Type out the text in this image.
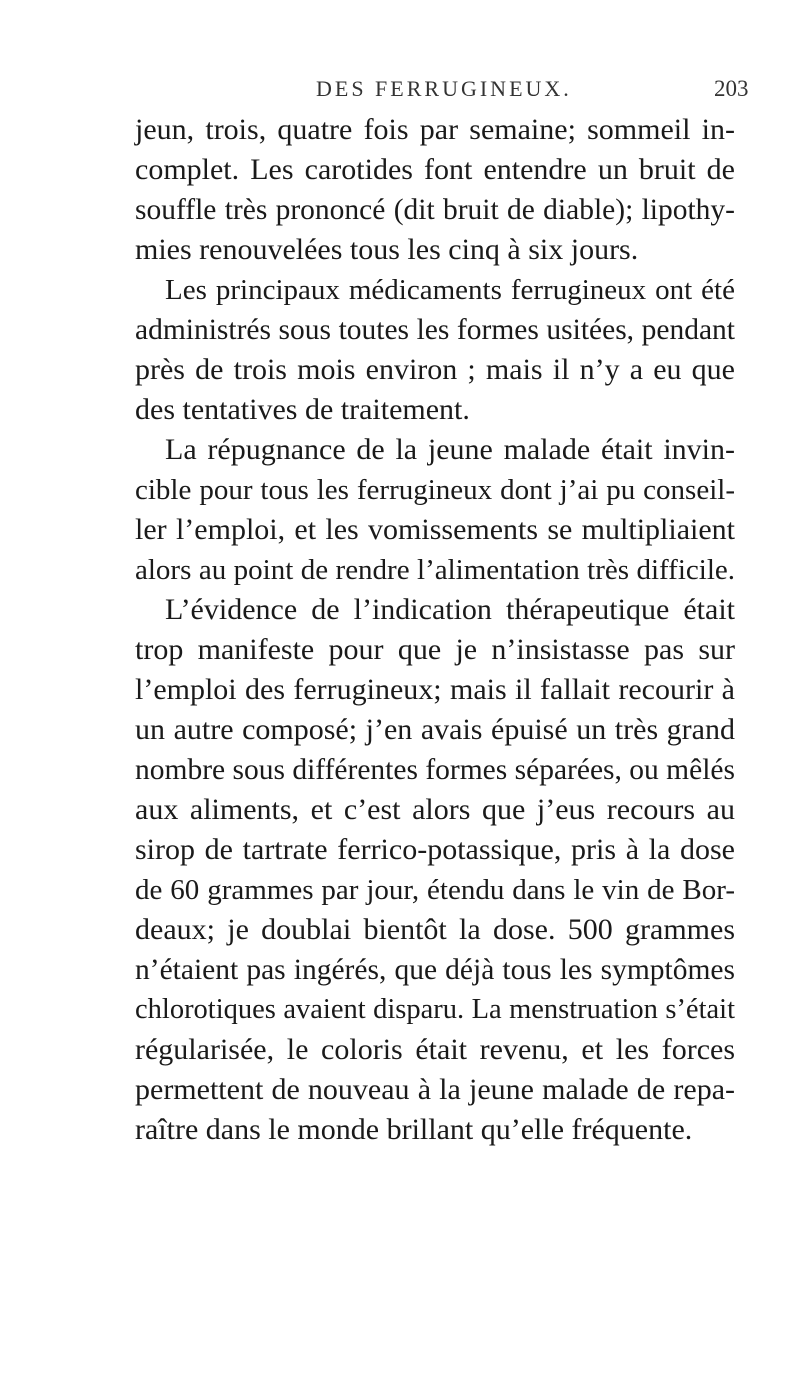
DES FERRUGINEUX.	203
jeun, trois, quatre fois par semaine; sommeil in-
complet. Les carotides font entendre un bruit de
souffle très prononcé (dit bruit de diable); lipothy-
mies renouvelées tous les cinq à six jours.
Les principaux médicaments ferrugineux ont été
administrés sous toutes les formes usitées, pendant
près de trois mois environ ; mais il n’y a eu que
des tentatives de traitement.
La répugnance de la jeune malade était invin-
cible pour tous les ferrugineux dont j’ai pu conseil-
ler l’emploi, et les vomissements se multipliaient
alors au point de rendre l’alimentation très difficile.
L’évidence de l’indication thérapeutique était
trop manifeste pour que je n’insistasse pas sur
l’emploi des ferrugineux; mais il fallait recourir à
un autre composé; j’en avais épuisé un très grand
nombre sous différentes formes séparées, ou mêlés
aux aliments, et c’est alors que j’eus recours au
sirop de tartrate ferrico-potassique, pris à la dose
de 60 grammes par jour, étendu dans le vin de Bor-
deaux; je doublai bientôt la dose. 500 grammes
n’étaient pas ingérés, que déjà tous les symptômes
chlorotiques avaient disparu. La menstruation s’était
régularisée, le coloris était revenu, et les forces
permettent de nouveau à la jeune malade de repa-
raître dans le monde brillant qu’elle fréquente.
